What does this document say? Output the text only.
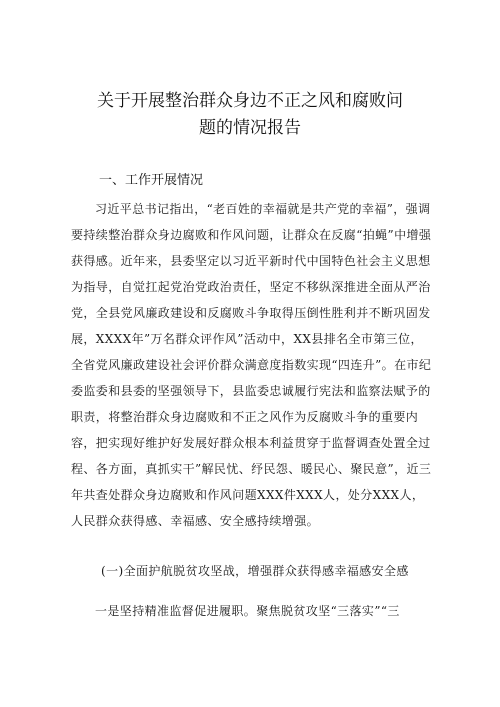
关于开展整治群众身边不正之风和腐败问
题的情况报告
一、工作开展情况

习近平总书记指出，“老百姓的幸福就是共产党的幸福”，强调要持续整治群众身边腐败和作风问题，让群众在反腐“拍蝇”中增强获得感。近年来，县委坚定以习近平新时代中国特色社会主义思想为指导，自觉扛起党治党政治责任，坚定不移纵深推进全面从严治党，全县党风廉政建设和反腐败斗争取得压倒性胜利并不断巩固发展，XXXX年”万名群众评作风”活动中，XX县排名全市第三位，全省党风廉政建设社会评价群众满意度指数实现“四连升”。在市纪委监委和县委的坚强领导下，县监委忠诚履行宪法和监察法赋予的职责，将整治群众身边腐败和不正之风作为反腐败斗争的重要内容，把实现好维护好发展好群众根本利益贯穿于监督调查处置全过程、各方面，真抓实干”解民忧、纾民怨、暖民心、聚民意”，近三年共查处群众身边腐败和作风问题XXX件XXX人，处分XXX人，人民群众获得感、幸福感、安全感持续增强。

(一)全面护航脱贫攻坚战，增强群众获得感幸福感安全感
一是坚持精准监督促进履职。聚焦脱贫攻坚“三落实”“三
